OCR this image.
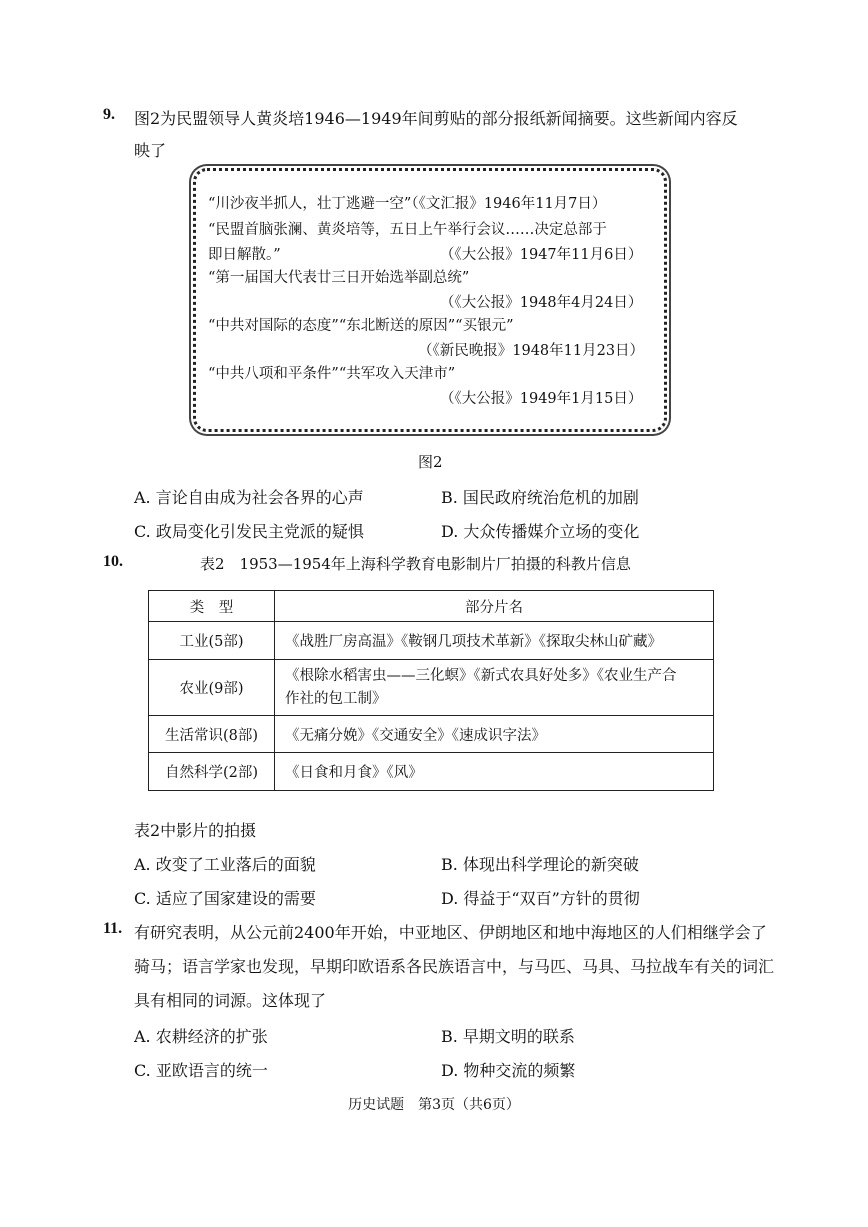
9. 图2为民盟领导人黄炎培1946—1949年间剪贴的部分报纸新闻摘要。这些新闻内容反
映了
“川沙夜半抓人，壮丁逃避一空”（《文汇报》1946年11月7日）
“民盟首脑张澜、黄炎培等，五日上午举行会议……决定总部于
即日解散。”	（《大公报》1947年11月6日）
“第一届国大代表廿三日开始选举副总统”
（《大公报》1948年4月24日）
“中共对国际的态度”“东北断送的原因”“买银元”
（《新民晚报》1948年11月23日）
“中共八项和平条件”“共军攻入天津市”
（《大公报》1949年1月15日）
图2
A. 言论自由成为社会各界的心声	B. 国民政府统治危机的加剧
C. 政局变化引发民主党派的疑惧	D. 大众传播媒介立场的变化
10.	表2　1953—1954年上海科学教育电影制片厂拍摄的科教片信息
类　型	部分片名
工业(5部)	《战胜厂房高温》《鞍钢几项技术革新》《探取尖林山矿藏》
农业(9部)	《根除水稻害虫——三化螟》《新式农具好处多》《农业生产合
作社的包工制》

生活常识(8部)	《无痛分娩》《交通安全》《速成识字法》
自然科学(2部)	《日食和月食》《风》
表2中影片的拍摄
A. 改变了工业落后的面貌	B. 体现出科学理论的新突破
C. 适应了国家建设的需要	D. 得益于“双百”方针的贯彻
11. 有研究表明，从公元前2400年开始，中亚地区、伊朗地区和地中海地区的人们相继学会了
骑马；语言学家也发现，早期印欧语系各民族语言中，与马匹、马具、马拉战车有关的词汇
具有相同的词源。这体现了
A. 农耕经济的扩张	B. 早期文明的联系
C. 亚欧语言的统一	D. 物种交流的频繁
历史试题　第3页（共6页）
